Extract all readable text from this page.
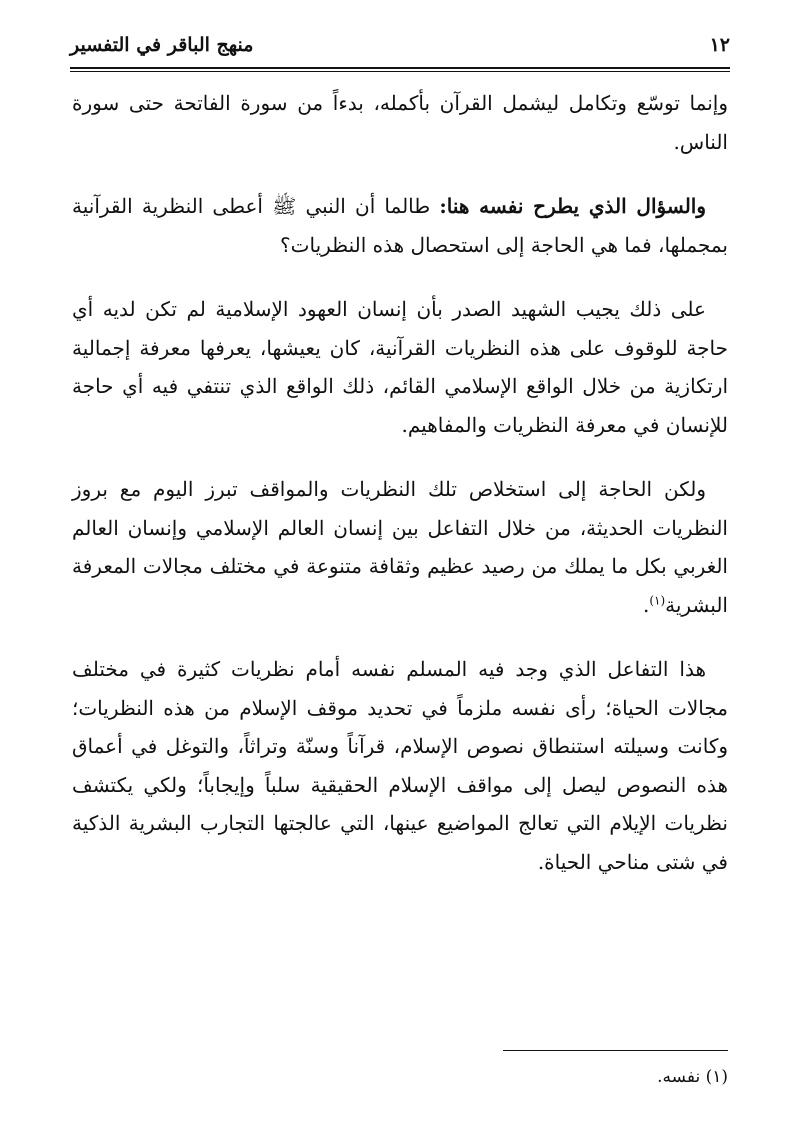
١٢
منهج الباقر في التفسير

وإنما توسّع وتكامل ليشمل القرآن بأكمله، بدءاً من سورة الفاتحة حتى سورة الناس.

والسؤال الذي يطرح نفسه هنا: طالما أن النبي ﷺ أعطى النظرية القرآنية بمجملها، فما هي الحاجة إلى استحصال هذه النظريات؟

على ذلك يجيب الشهيد الصدر بأن إنسان العهود الإسلامية لم تكن لديه أي حاجة للوقوف على هذه النظريات القرآنية، كان يعيشها، يعرفها معرفة إجمالية ارتكازية من خلال الواقع الإسلامي القائم، ذلك الواقع الذي تنتفي فيه أي حاجة للإنسان في معرفة النظريات والمفاهيم.

ولكن الحاجة إلى استخلاص تلك النظريات والمواقف تبرز اليوم مع بروز النظريات الحديثة، من خلال التفاعل بين إنسان العالم الإسلامي وإنسان العالم الغربي بكل ما يملك من رصيد عظيم وثقافة متنوعة في مختلف مجالات المعرفة البشرية$^{(١)}$.

هذا التفاعل الذي وجد فيه المسلم نفسه أمام نظريات كثيرة في مختلف مجالات الحياة؛ رأى نفسه ملزماً في تحديد موقف الإسلام من هذه النظريات؛ وكانت وسيلته استنطاق نصوص الإسلام، قرآناً وسنّة وتراثاً، والتوغل في أعماق هذه النصوص ليصل إلى مواقف الإسلام الحقيقية سلباً وإيجاباً؛ ولكي يكتشف نظريات الإيلام التي تعالج المواضيع عينها، التي عالجتها التجارب البشرية الذكية في شتى مناحي الحياة.

(١) نفسه.
